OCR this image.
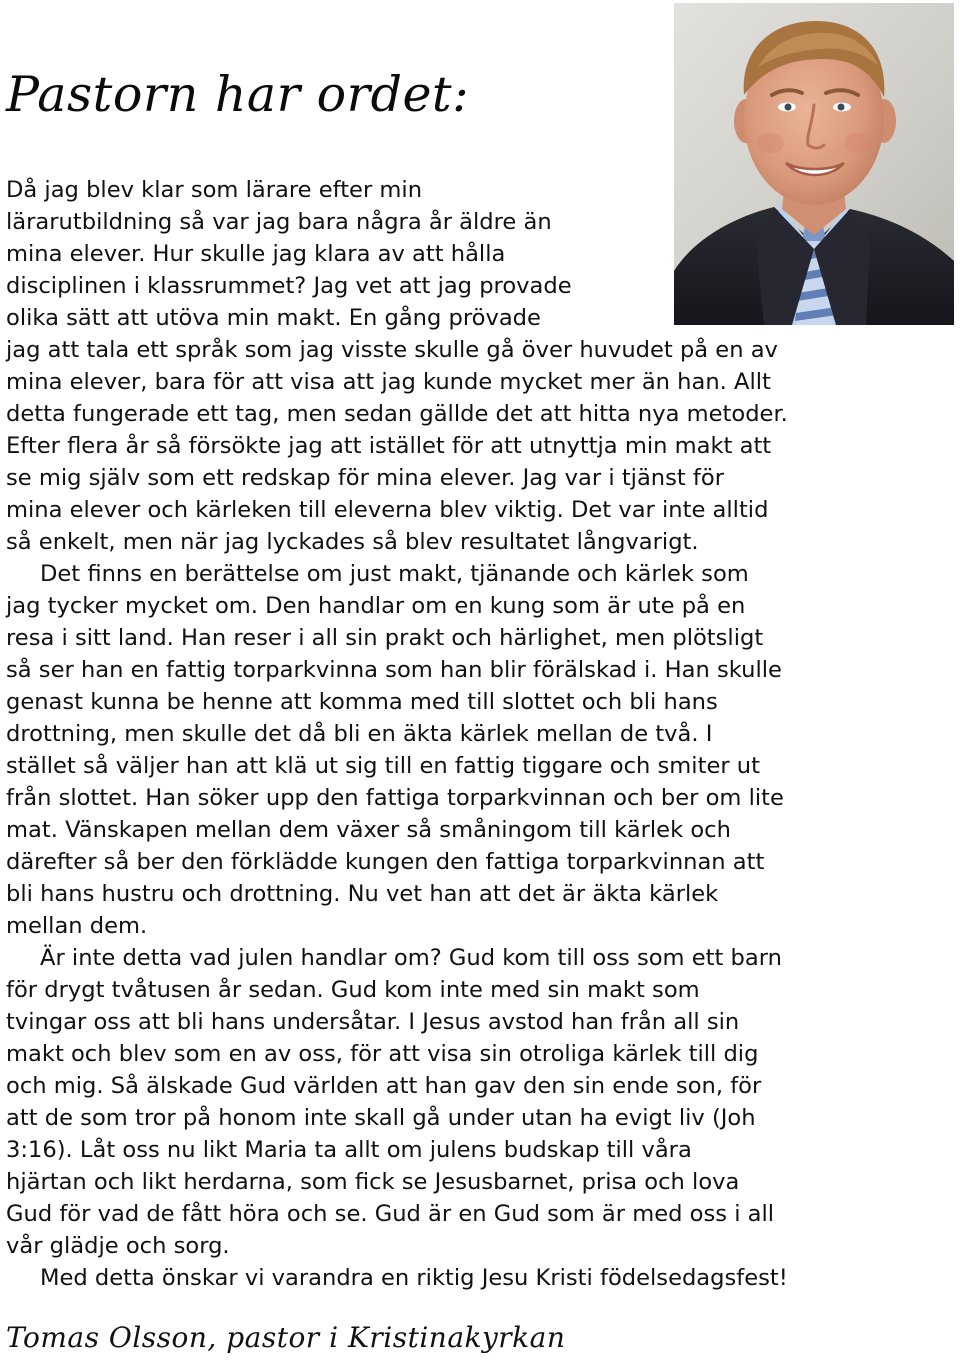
Pastorn har ordet:
Då jag blev klar som lärare efter min
lärarutbildning så var jag bara några år äldre än
mina elever. Hur skulle jag klara av att hålla
disciplinen i klassrummet? Jag vet att jag provade
olika sätt att utöva min makt. En gång prövade
jag att tala ett språk som jag visste skulle gå över huvudet på en av
mina elever, bara för att visa att jag kunde mycket mer än han. Allt
detta fungerade ett tag, men sedan gällde det att hitta nya metoder.
Efter flera år så försökte jag att istället för att utnyttja min makt att
se mig själv som ett redskap för mina elever. Jag var i tjänst för
mina elever och kärleken till eleverna blev viktig. Det var inte alltid
så enkelt, men när jag lyckades så blev resultatet långvarigt.
Det finns en berättelse om just makt, tjänande och kärlek som
jag tycker mycket om. Den handlar om en kung som är ute på en
resa i sitt land. Han reser i all sin prakt och härlighet, men plötsligt
så ser han en fattig torparkvinna som han blir förälskad i. Han skulle
genast kunna be henne att komma med till slottet och bli hans
drottning, men skulle det då bli en äkta kärlek mellan de två. I
stället så väljer han att klä ut sig till en fattig tiggare och smiter ut
från slottet. Han söker upp den fattiga torparkvinnan och ber om lite
mat. Vänskapen mellan dem växer så småningom till kärlek och
därefter så ber den förklädde kungen den fattiga torparkvinnan att
bli hans hustru och drottning. Nu vet han att det är äkta kärlek
mellan dem.
Är inte detta vad julen handlar om? Gud kom till oss som ett barn
för drygt tvåtusen år sedan. Gud kom inte med sin makt som
tvingar oss att bli hans undersåtar. I Jesus avstod han från all sin
makt och blev som en av oss, för att visa sin otroliga kärlek till dig
och mig. Så älskade Gud världen att han gav den sin ende son, för
att de som tror på honom inte skall gå under utan ha evigt liv (Joh
3:16). Låt oss nu likt Maria ta allt om julens budskap till våra
hjärtan och likt herdarna, som fick se Jesusbarnet, prisa och lova
Gud för vad de fått höra och se. Gud är en Gud som är med oss i all
vår glädje och sorg.
Med detta önskar vi varandra en riktig Jesu Kristi födelsedagsfest!

Tomas Olsson, pastor i Kristinakyrkan
